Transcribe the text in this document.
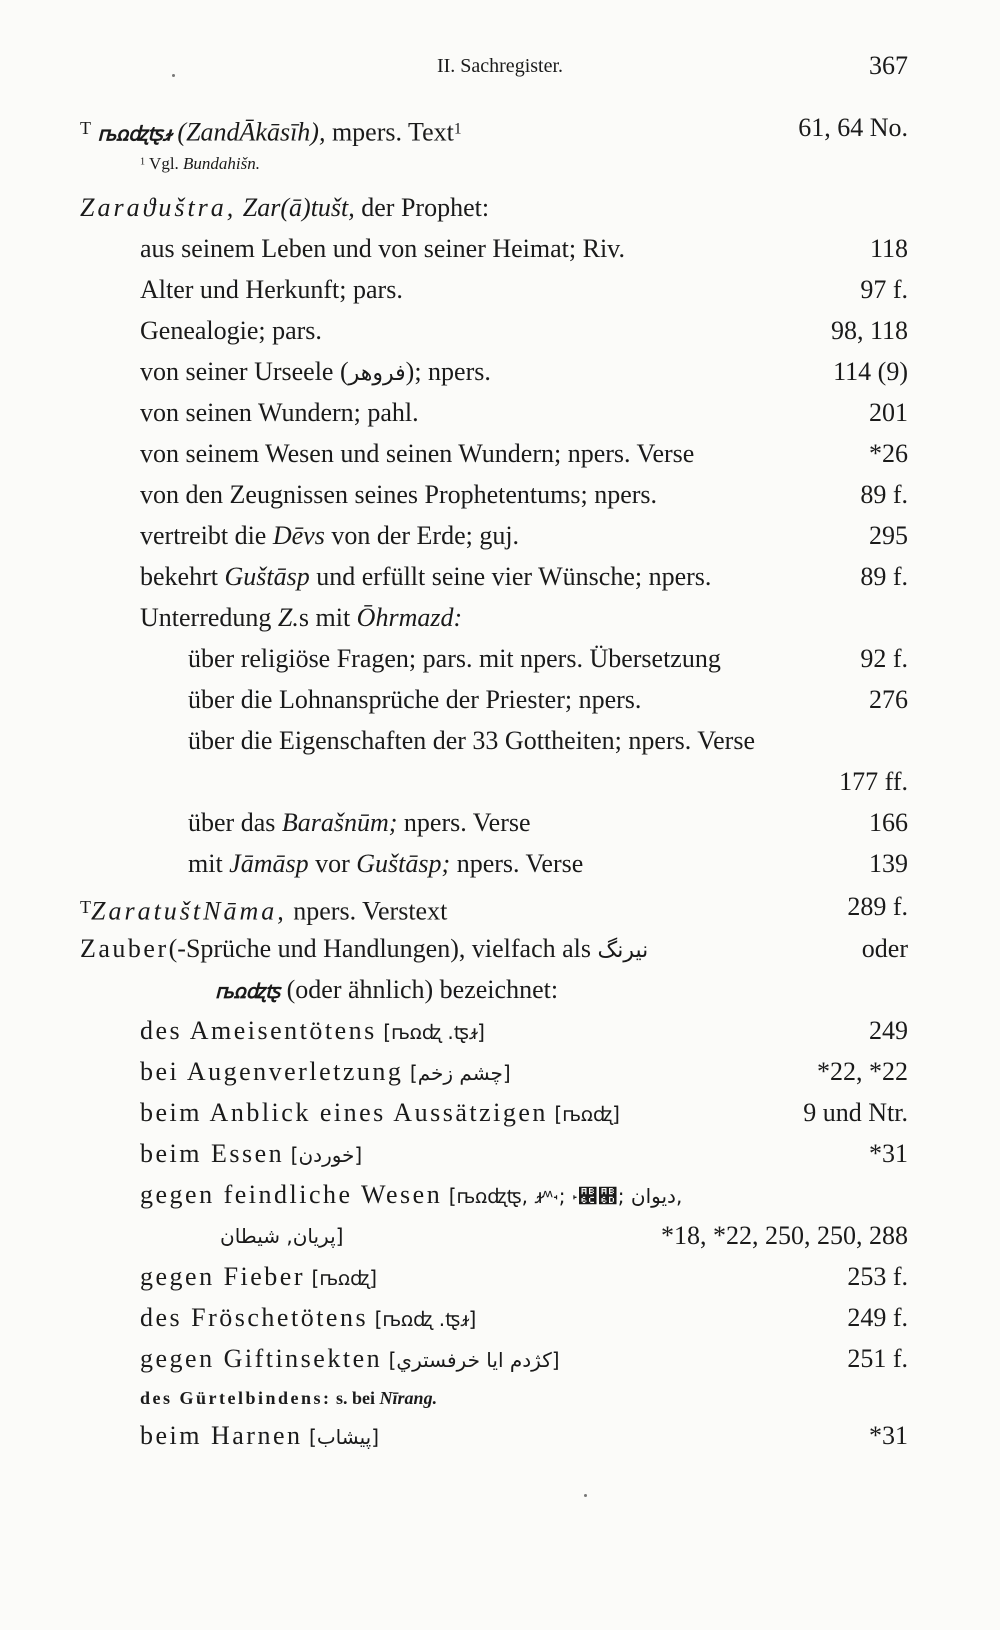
II. Sachregister.	367
$^T$ ꭠꭥꭦꭧꭨ (ZandĀkāsīh), mpers. Text$^1$	61, 64 No.
$^1$ Vgl. Bundahišn.
Zaraϑuštra, Zar(ā)tušt, der Prophet:
aus seinem Leben und von seiner Heimat; Riv.	118
Alter und Herkunft; pars.	97 f.
Genealogie; pars.	98, 118
von seiner Urseele (فروهر); npers.	114 (9)
von seinen Wundern; pahl.	201
von seinem Wesen und seinen Wundern; npers. Verse	*26
von den Zeugnissen seines Prophetentums; npers.	89 f.
vertreibt die Dēvs von der Erde; guj.	295
bekehrt Guštāsp und erfüllt seine vier Wünsche; npers.	89 f.
Unterredung Z.s mit Ōhrmazd:
über religiöse Fragen; pars. mit npers. Übersetzung	92 f.
über die Lohnansprüche der Priester; npers.	276
über die Eigenschaften der 33 Gottheiten; npers. Verse
177 ff.
über das Barašnūm; npers. Verse	166
mit Jāmāsp vor Guštāsp; npers. Verse	139
$^T$ZaratuštNāma, npers. Verstext	289 f.
Zauber(-Sprüche und Handlungen), vielfach als نيرنگ	oder
ꭠꭥꭦꭧ (oder ähnlich) bezeichnet:
des Ameisentötens [ꭠꭥꭦ .ꭧꭨ]	249
bei Augenverletzung [چشم زخم]	*22, *22
beim Anblick eines Aussätzigen [ꭠꭥꭦ]	9 und Ntr.
beim Essen [خوردن]	*31
gegen feindliche Wesen [ꭠꭥꭦꭧ, ꭨꭩ꭪; ꭫꭬꭭; ديوان,
پريان, شيطان]	*18, *22, 250, 250, 288
gegen Fieber [ꭠꭥꭦ]	253 f.
des Fröschetötens [ꭠꭥꭦ .ꭧꭨ]	249 f.
gegen Giftinsekten [كژدم ايا خرفستري]	251 f.
des Gürtelbindens: s. bei Nīrang.
beim Harnen [پيشاب]	*31
